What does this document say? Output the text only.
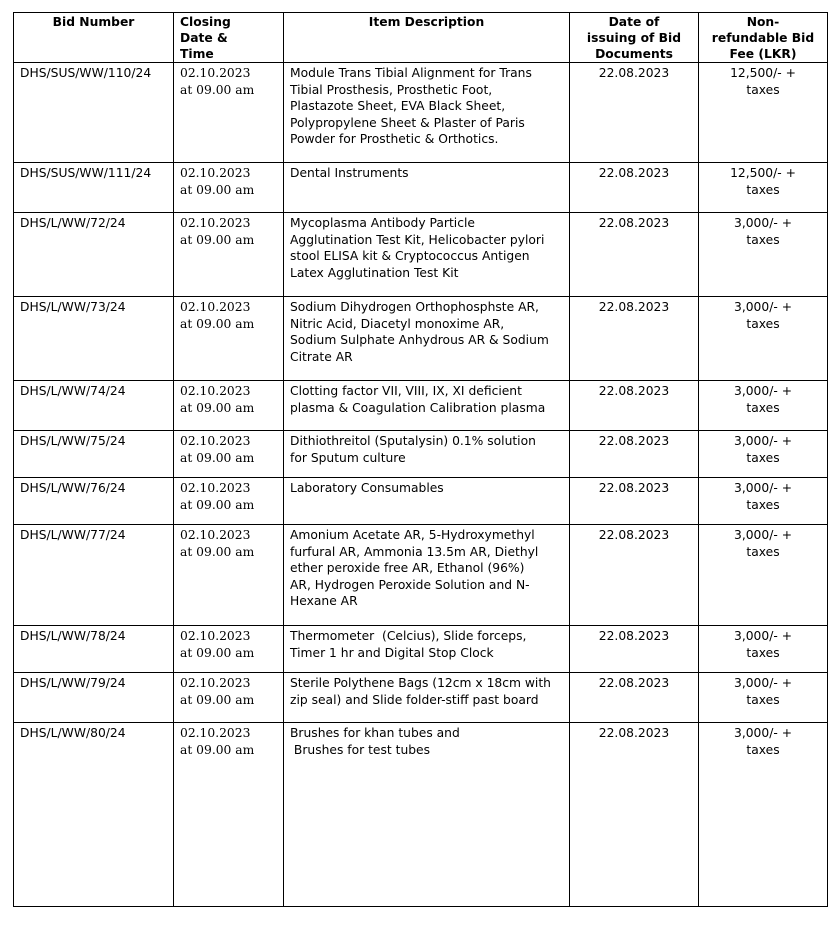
Bid Number	Closing
Date &
Time	Item Description	Date of
issuing of Bid
Documents	Non-
refundable Bid
Fee (LKR)

DHS/SUS/WW/110/24	02.10.2023
at 09.00 am	Module Trans Tibial Alignment for Trans
Tibial Prosthesis, Prosthetic Foot,
Plastazote Sheet, EVA Black Sheet,
Polypropylene Sheet & Plaster of Paris
Powder for Prosthetic & Orthotics.	22.08.2023	12,500/- +
taxes

DHS/SUS/WW/111/24	02.10.2023
at 09.00 am	Dental Instruments	22.08.2023	12,500/- +
taxes

DHS/L/WW/72/24	02.10.2023
at 09.00 am	Mycoplasma Antibody Particle
Agglutination Test Kit, Helicobacter pylori
stool ELISA kit & Cryptococcus Antigen
Latex Agglutination Test Kit	22.08.2023	3,000/- +
taxes

DHS/L/WW/73/24	02.10.2023
at 09.00 am	Sodium Dihydrogen Orthophosphste AR,
Nitric Acid, Diacetyl monoxime AR,
Sodium Sulphate Anhydrous AR & Sodium
Citrate AR	22.08.2023	3,000/- +
taxes

DHS/L/WW/74/24	02.10.2023
at 09.00 am	Clotting factor VII, VIII, IX, XI deficient
plasma & Coagulation Calibration plasma	22.08.2023	3,000/- +
taxes

DHS/L/WW/75/24	02.10.2023
at 09.00 am	Dithiothreitol (Sputalysin) 0.1% solution
for Sputum culture	22.08.2023	3,000/- +
taxes

DHS/L/WW/76/24	02.10.2023
at 09.00 am	Laboratory Consumables	22.08.2023	3,000/- +
taxes

DHS/L/WW/77/24	02.10.2023
at 09.00 am	Amonium Acetate AR, 5-Hydroxymethyl
furfural AR, Ammonia 13.5m AR, Diethyl
ether peroxide free AR, Ethanol (96%)
AR, Hydrogen Peroxide Solution and N-
Hexane AR	22.08.2023	3,000/- +
taxes

DHS/L/WW/78/24	02.10.2023
at 09.00 am	Thermometer  (Celcius), Slide forceps,
Timer 1 hr and Digital Stop Clock	22.08.2023	3,000/- +
taxes

DHS/L/WW/79/24	02.10.2023
at 09.00 am	Sterile Polythene Bags (12cm x 18cm with
zip seal) and Slide folder-stiff past board	22.08.2023	3,000/- +
taxes

DHS/L/WW/80/24	02.10.2023
at 09.00 am	Brushes for khan tubes and
Brushes for test tubes	22.08.2023	3,000/- +
taxes
